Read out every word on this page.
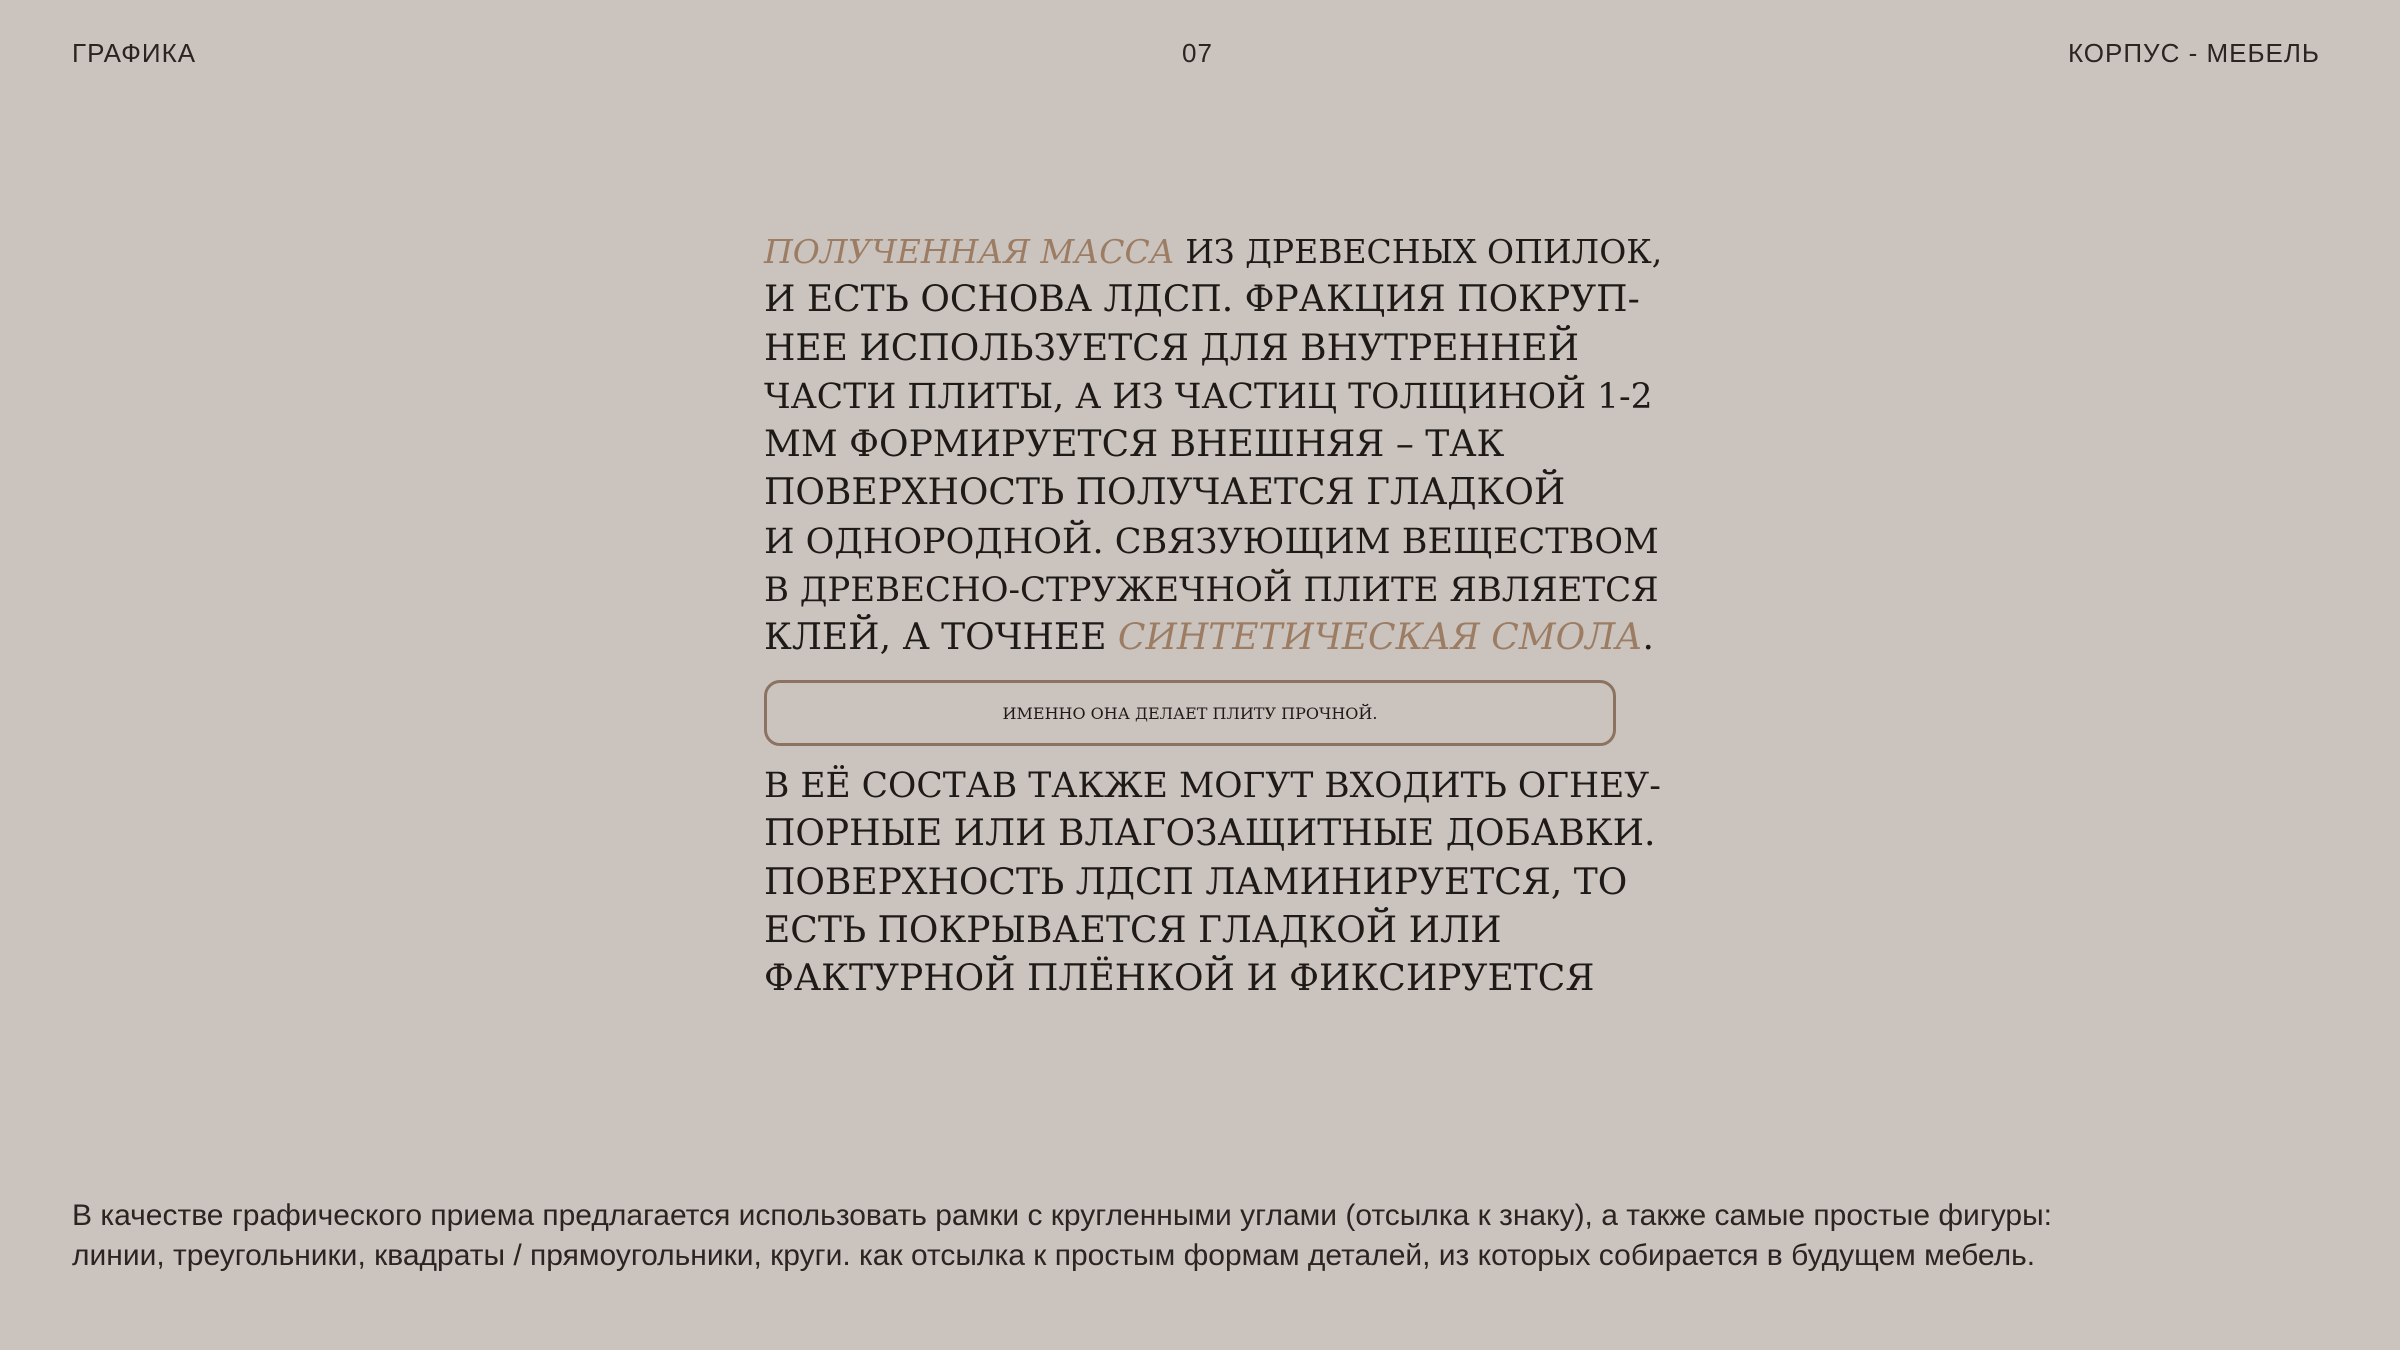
ГРАФИКА	07	КОРПУС - МЕБЕЛЬ
ПОЛУЧЕННАЯ МАССА ИЗ ДРЕВЕСНЫХ ОПИЛОК,
И ЕСТЬ ОСНОВА ЛДСП. ФРАКЦИЯ ПОКРУП-
НЕЕ ИСПОЛЬЗУЕТСЯ ДЛЯ ВНУТРЕННЕЙ
ЧАСТИ ПЛИТЫ, А ИЗ ЧАСТИЦ ТОЛЩИНОЙ 1-2
ММ ФОРМИРУЕТСЯ ВНЕШНЯЯ – ТАК
ПОВЕРХНОСТЬ ПОЛУЧАЕТСЯ ГЛАДКОЙ
И ОДНОРОДНОЙ. СВЯЗУЮЩИМ ВЕЩЕСТВОМ
В ДРЕВЕСНО-СТРУЖЕЧНОЙ ПЛИТЕ ЯВЛЯЕТСЯ
КЛЕЙ, А ТОЧНЕЕ СИНТЕТИЧЕСКАЯ СМОЛА.
ИМЕННО ОНА ДЕЛАЕТ ПЛИТУ ПРОЧНОЙ.
В ЕЁ СОСТАВ ТАКЖЕ МОГУТ ВХОДИТЬ ОГНЕУ-
ПОРНЫЕ ИЛИ ВЛАГОЗАЩИТНЫЕ ДОБАВКИ.
ПОВЕРХНОСТЬ ЛДСП ЛАМИНИРУЕТСЯ, ТО
ЕСТЬ ПОКРЫВАЕТСЯ ГЛАДКОЙ ИЛИ
ФАКТУРНОЙ ПЛЁНКОЙ И ФИКСИРУЕТСЯ
В качестве графического приема предлагается использовать рамки с кругленными углами (отсылка к знаку), а также самые простые фигуры:
линии, треугольники, квадраты / прямоугольники, круги. как отсылка к простым формам деталей, из которых собирается в будущем мебель.
